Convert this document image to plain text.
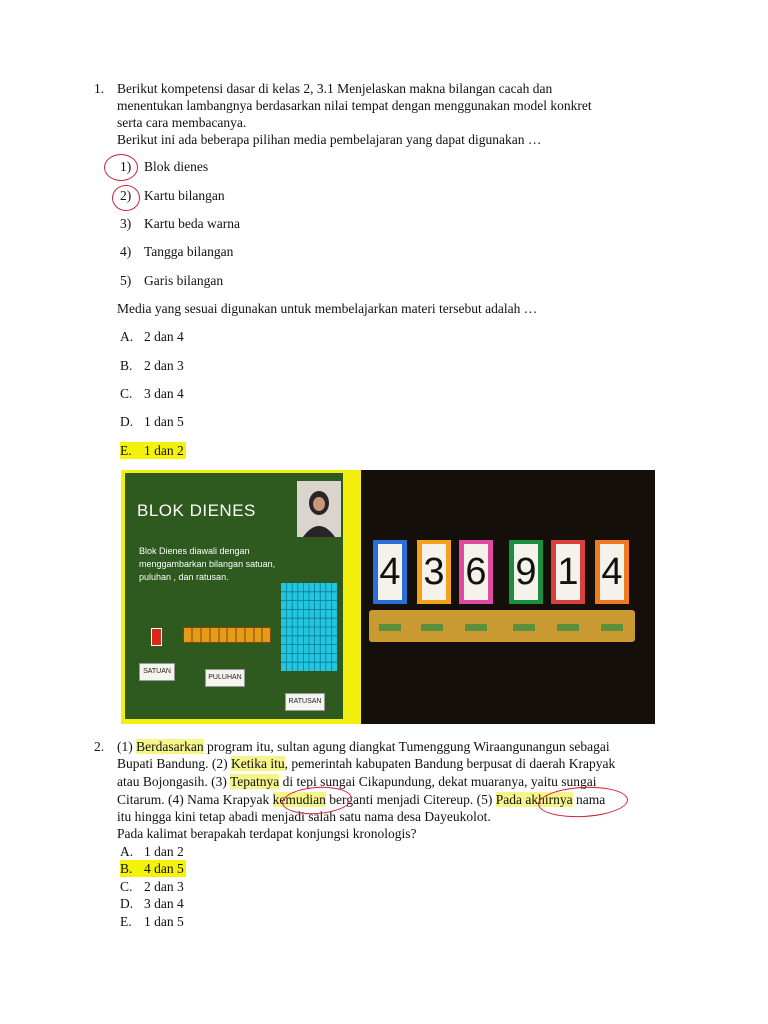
1. Berikut kompetensi dasar di kelas 2, 3.1 Menjelaskan makna bilangan cacah dan
menentukan lambangnya berdasarkan nilai tempat dengan menggunakan model konkret
serta cara membacanya.
Berikut ini ada beberapa pilihan media pembelajaran yang dapat digunakan …
1) Blok dienes
2) Kartu bilangan
3) Kartu beda warna
4) Tangga bilangan
5) Garis bilangan
Media yang sesuai digunakan untuk membelajarkan materi tersebut adalah …
A. 2 dan 4
B. 2 dan 3
C. 3 dan 4
D. 1 dan 5
E. 1 dan 2
BLOK DIENES
Blok Dienes diawali dengan menggambarkan bilangan satuan, puluhan , dan ratusan.
SATUAN
PULUHAN
RATUSAN
4 3 6 9 1 4
2. (1) Berdasarkan program itu, sultan agung diangkat Tumenggung Wiraangunangun sebagai
Bupati Bandung. (2) Ketika itu, pemerintah kabupaten Bandung berpusat di daerah Krapyak
atau Bojongasih. (3) Tepatnya di tepi sungai Cikapundung, dekat muaranya, yaitu sungai
Citarum. (4) Nama Krapyak kemudian berganti menjadi Citereup. (5) Pada akhirnya nama
itu hingga kini tetap abadi menjadi salah satu nama desa Dayeukolot.
Pada kalimat berapakah terdapat konjungsi kronologis?
A. 1 dan 2
B. 4 dan 5
C. 2 dan 3
D. 3 dan 4
E. 1 dan 5
